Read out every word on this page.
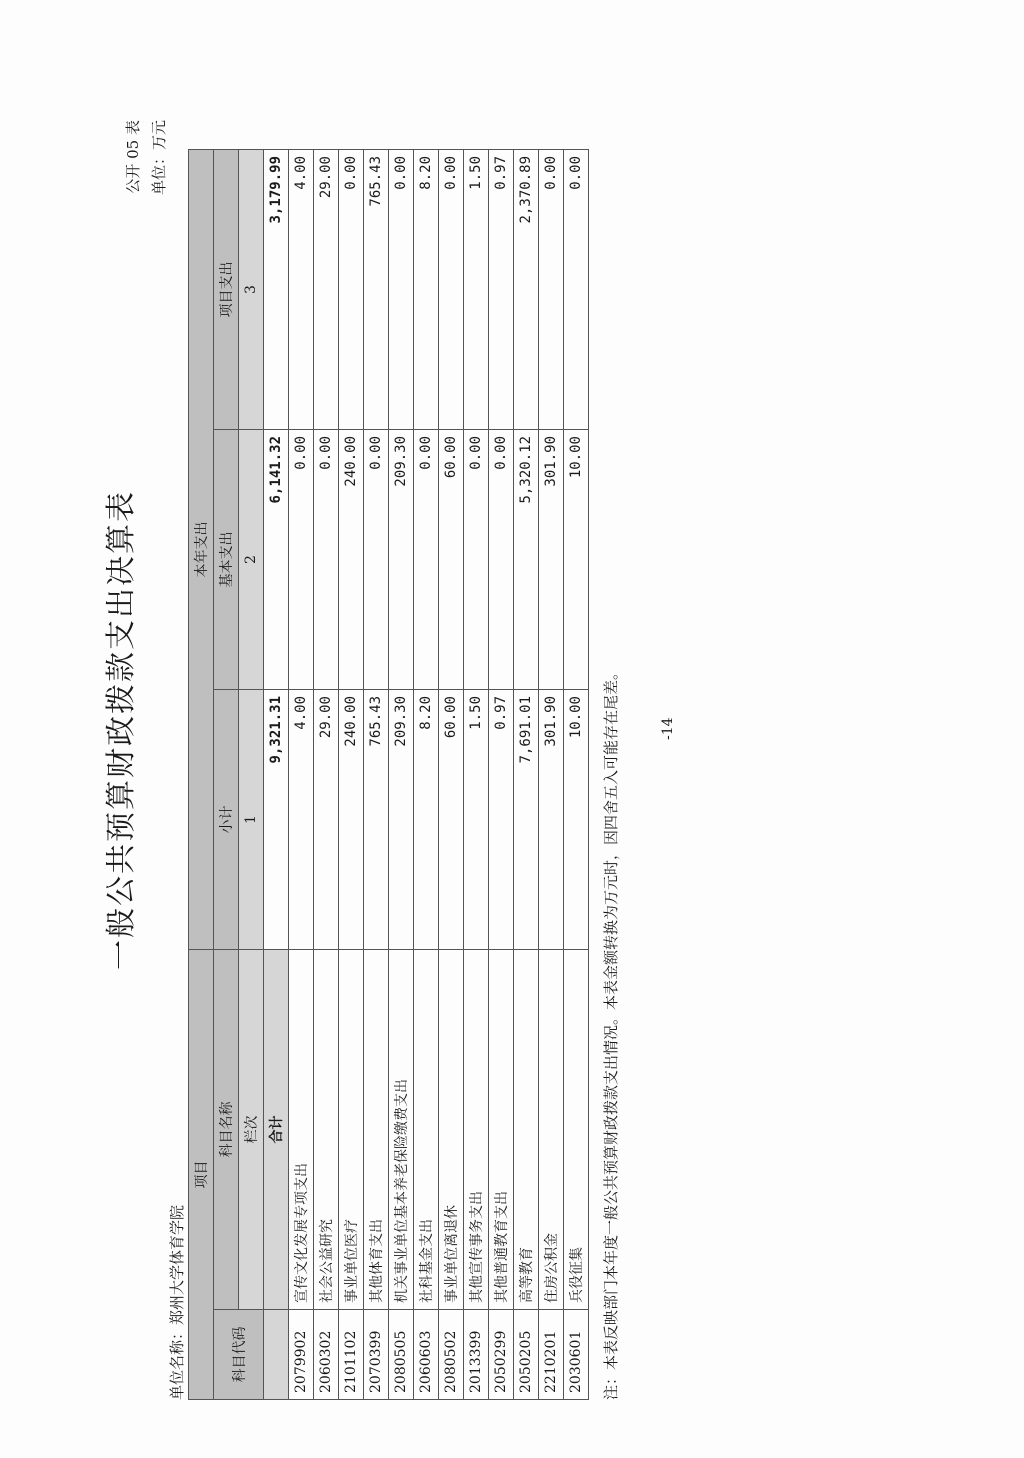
一般公共预算财政拨款支出决算表
公开 05 表 单位：万元
单位名称：郑州大学体育学院
项目		本年支出		
科目代码	科目名称	小计	基本支出	项目支出

	栏次	1	2	3
	合计	9,321.31	6,141.32	3,179.99
2079902	宣传文化发展专项支出	4.00	0.00	4.00
2060302	社会公益研究	29.00	0.00	29.00
2101102	事业单位医疗	240.00	240.00	0.00
2070399	其他体育支出	765.43	0.00	765.43
2080505	机关事业单位基本养老保险缴费支出	209.30	209.30	0.00
2060603	社科基金支出	8.20	0.00	8.20
2080502	事业单位离退休	60.00	60.00	0.00
2013399	其他宣传事务支出	1.50	0.00	1.50
2050299	其他普通教育支出	0.97	0.00	0.97
2050205	高等教育	7,691.01	5,320.12	2,370.89
2210201	住房公积金	301.90	301.90	0.00
2030601	兵役征集	10.00	10.00	0.00
注：本表反映部门本年度一般公共预算财政拨款支出情况。本表金额转换为万元时，因四舍五入可能存在尾差。	-14
